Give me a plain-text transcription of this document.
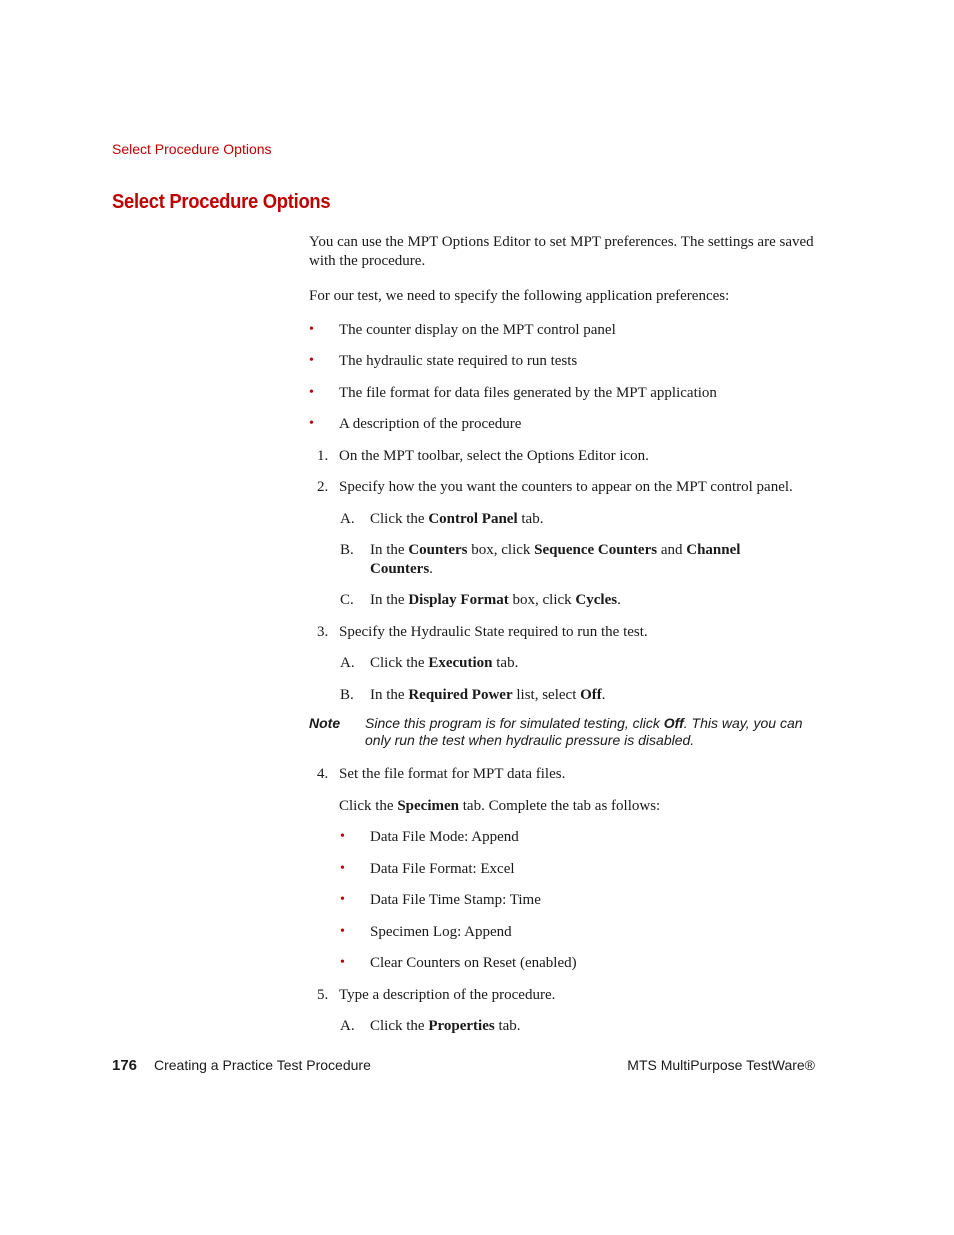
Select Procedure Options
Select Procedure Options

You can use the MPT Options Editor to set MPT preferences. The settings are saved with the procedure.

For our test, we need to specify the following application preferences:

•	The counter display on the MPT control panel
•	The hydraulic state required to run tests
•	The file format for data files generated by the MPT application
•	A description of the procedure
1. On the MPT toolbar, select the Options Editor icon.
2. Specify how the you want the counters to appear on the MPT control panel.
A.	Click the Control Panel tab.
B.	In the Counters box, click Sequence Counters and Channel Counters.
C.	In the Display Format box, click Cycles.
3. Specify the Hydraulic State required to run the test.
A.	Click the Execution tab.
B.	In the Required Power list, select Off.
Note	Since this program is for simulated testing, click Off. This way, you can only run the test when hydraulic pressure is disabled.
4. Set the file format for MPT data files.
Click the Specimen tab. Complete the tab as follows:
•	Data File Mode: Append
•	Data File Format: Excel
•	Data File Time Stamp: Time
•	Specimen Log: Append
•	Clear Counters on Reset (enabled)
5. Type a description of the procedure.
A.	Click the Properties tab.
176 Creating a Practice Test Procedure	MTS MultiPurpose TestWare®
